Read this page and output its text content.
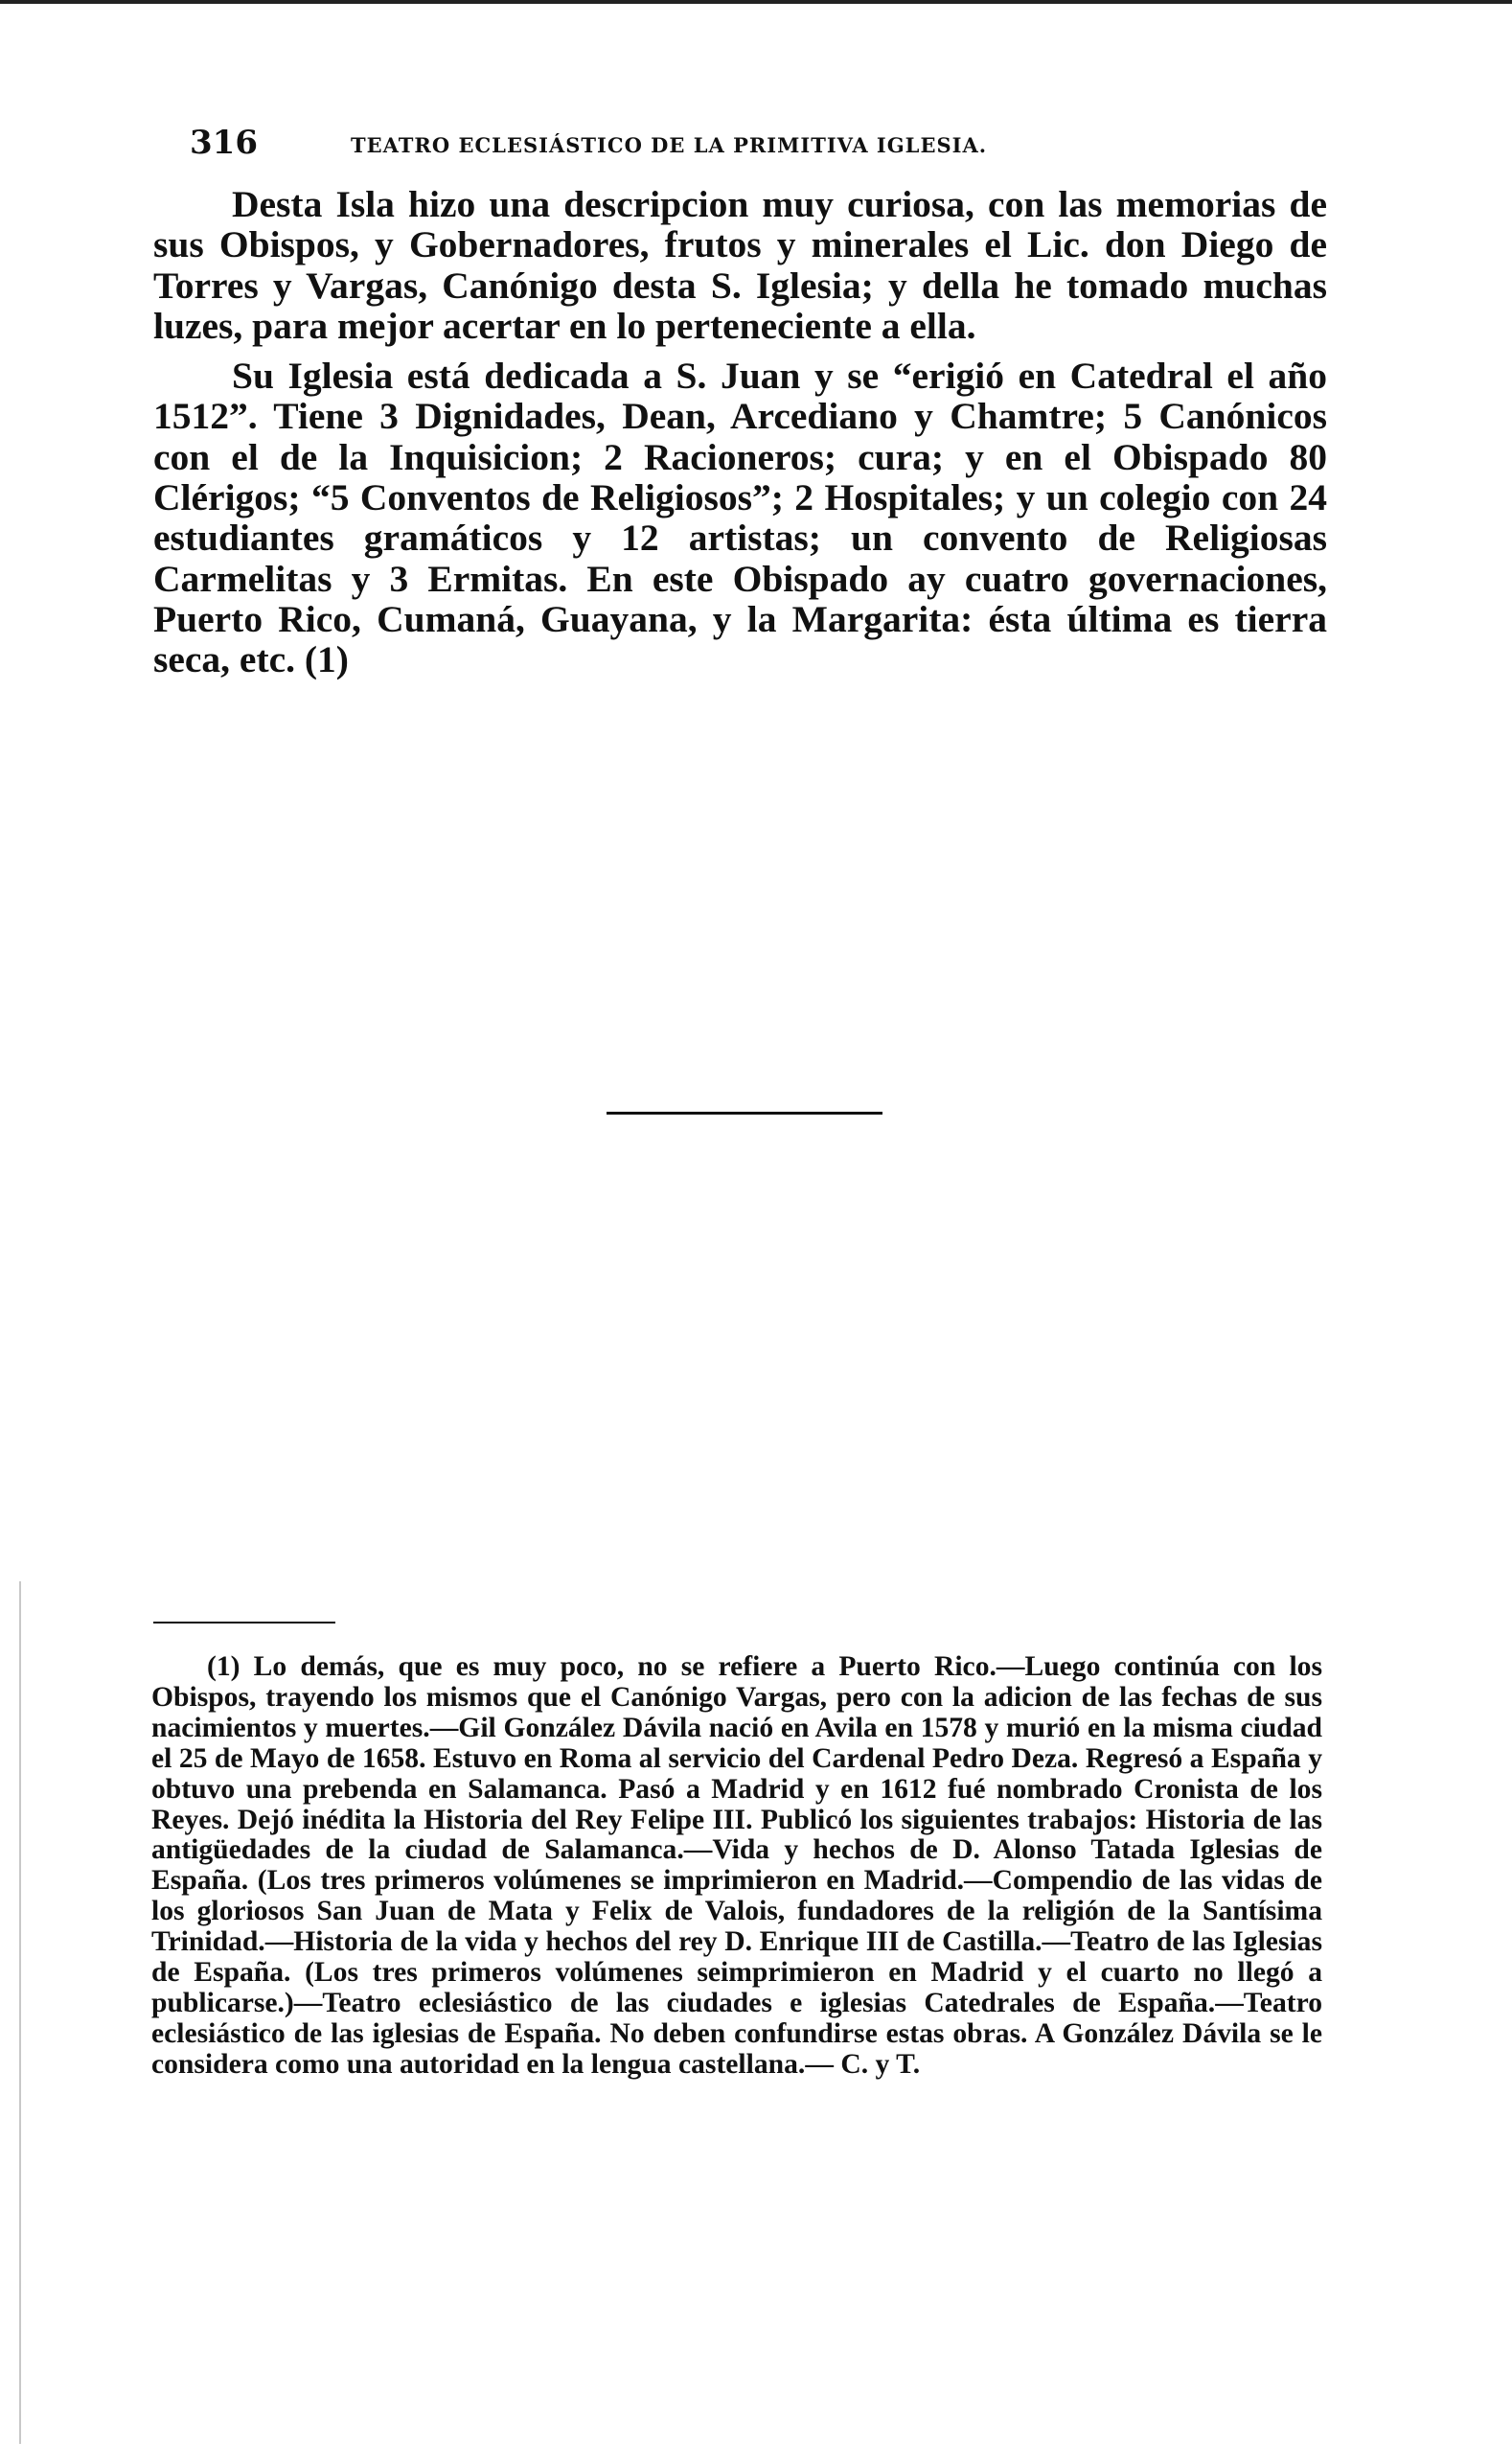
316	TEATRO ECLESIÁSTICO DE LA PRIMITIVA IGLESIA.

Desta Isla hizo una descripcion muy curiosa, con las memorias de sus Obispos, y Gobernadores, frutos y minerales el Lic. don Diego de Torres y Vargas, Canónigo desta S. Iglesia; y della he tomado muchas luzes, para mejor acertar en lo perteneciente a ella.

Su Iglesia está dedicada a S. Juan y se “erigió en Catedral el año 1512”. Tiene 3 Dignidades, Dean, Arcediano y Chamtre; 5 Canónicos con el de la Inquisicion; 2 Racioneros; cura; y en el Obispado 80 Clérigos; “5 Conventos de Religiosos”; 2 Hospitales; y un colegio con 24 estudiantes gramáticos y 12 artistas; un convento de Religiosas Carmelitas y 3 Ermitas. En este Obispado ay cuatro governaciones, Puerto Rico, Cumaná, Guayana, y la Margarita: ésta última es tierra seca, etc. (1)

(1) Lo demás, que es muy poco, no se refiere a Puerto Rico.—Luego continúa con los Obispos, trayendo los mismos que el Canónigo Vargas, pero con la adicion de las fechas de sus nacimientos y muertes.—Gil González Dávila nació en Avila en 1578 y murió en la misma ciudad el 25 de Mayo de 1658. Estuvo en Roma al servicio del Cardenal Pedro Deza. Regresó a España y obtuvo una prebenda en Salamanca. Pasó a Madrid y en 1612 fué nombrado Cronista de los Reyes. Dejó inédita la Historia del Rey Felipe III. Publicó los siguientes trabajos: Historia de las antigüedades de la ciudad de Salamanca.—Vida y hechos de D. Alonso Tatada Iglesias de España. (Los tres primeros volúmenes se imprimieron en Madrid.—Compendio de las vidas de los gloriosos San Juan de Mata y Felix de Valois, fundadores de la religión de la Santísima Trinidad.—Historia de la vida y hechos del rey D. Enrique III de Castilla.—Teatro de las Iglesias de España. (Los tres primeros volúmenes seimprimieron en Madrid y el cuarto no llegó a publicarse.)—Teatro eclesiástico de las ciudades e iglesias Catedrales de España.—Teatro eclesiástico de las iglesias de España. No deben confundirse estas obras. A González Dávila se le considera como una autoridad en la lengua castellana.— C. y T.
